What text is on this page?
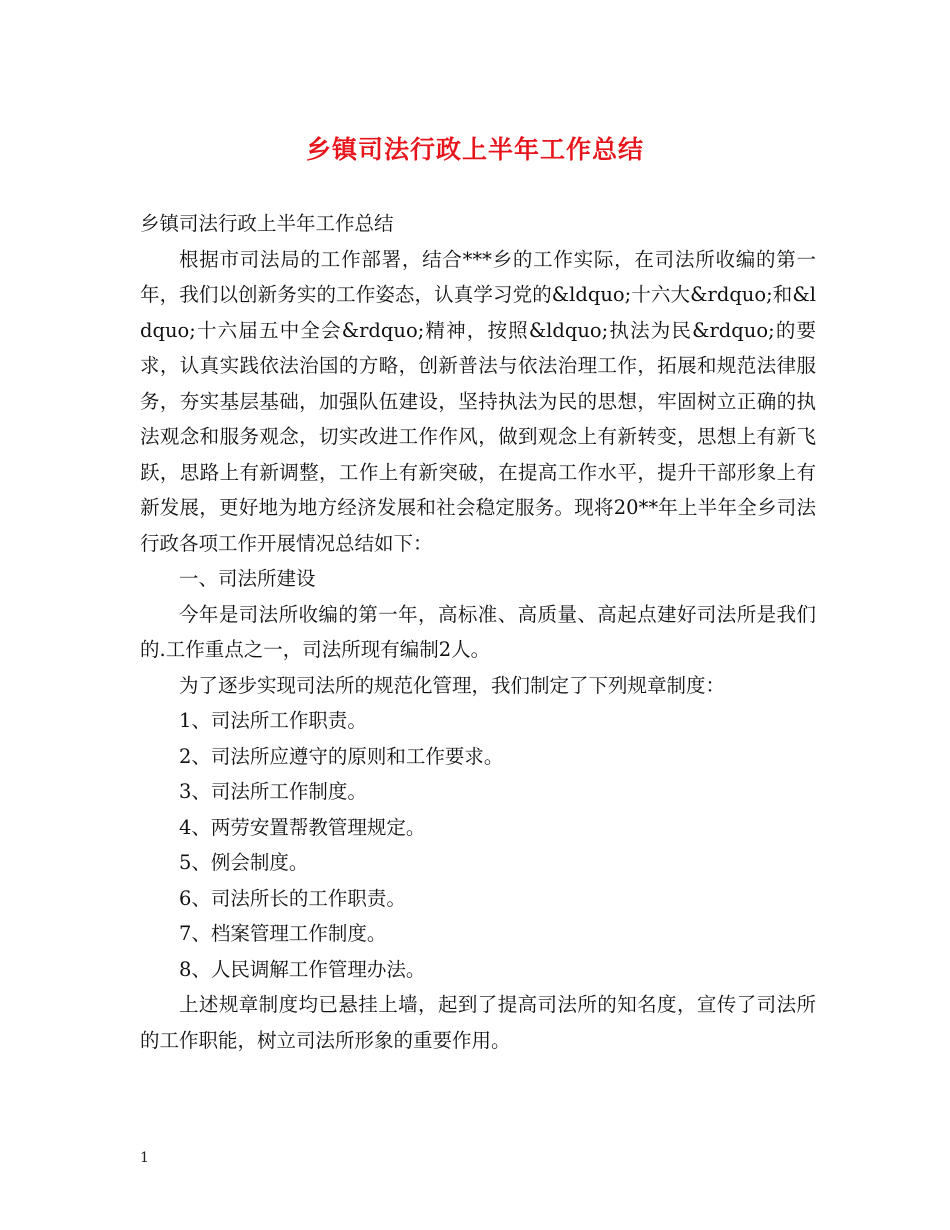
乡镇司法行政上半年工作总结

乡镇司法行政上半年工作总结

根据市司法局的工作部署，结合***乡的工作实际，在司法所收编的第一年，我们以创新务实的工作姿态，认真学习党的&ldquo;十六大&rdquo;和&ldquo;十六届五中全会&rdquo;精神，按照&ldquo;执法为民&rdquo;的要求，认真实践依法治国的方略，创新普法与依法治理工作，拓展和规范法律服务，夯实基层基础，加强队伍建设，坚持执法为民的思想，牢固树立正确的执法观念和服务观念，切实改进工作作风，做到观念上有新转变，思想上有新飞跃，思路上有新调整，工作上有新突破，在提高工作水平，提升干部形象上有新发展，更好地为地方经济发展和社会稳定服务。现将20**年上半年全乡司法行政各项工作开展情况总结如下：

一、司法所建设

今年是司法所收编的第一年，高标准、高质量、高起点建好司法所是我们的.工作重点之一，司法所现有编制2人。

为了逐步实现司法所的规范化管理，我们制定了下列规章制度：

1、司法所工作职责。

2、司法所应遵守的原则和工作要求。

3、司法所工作制度。

4、两劳安置帮教管理规定。

5、例会制度。

6、司法所长的工作职责。

7、档案管理工作制度。

8、人民调解工作管理办法。

上述规章制度均已悬挂上墙，起到了提高司法所的知名度，宣传了司法所的工作职能，树立司法所形象的重要作用。

1
